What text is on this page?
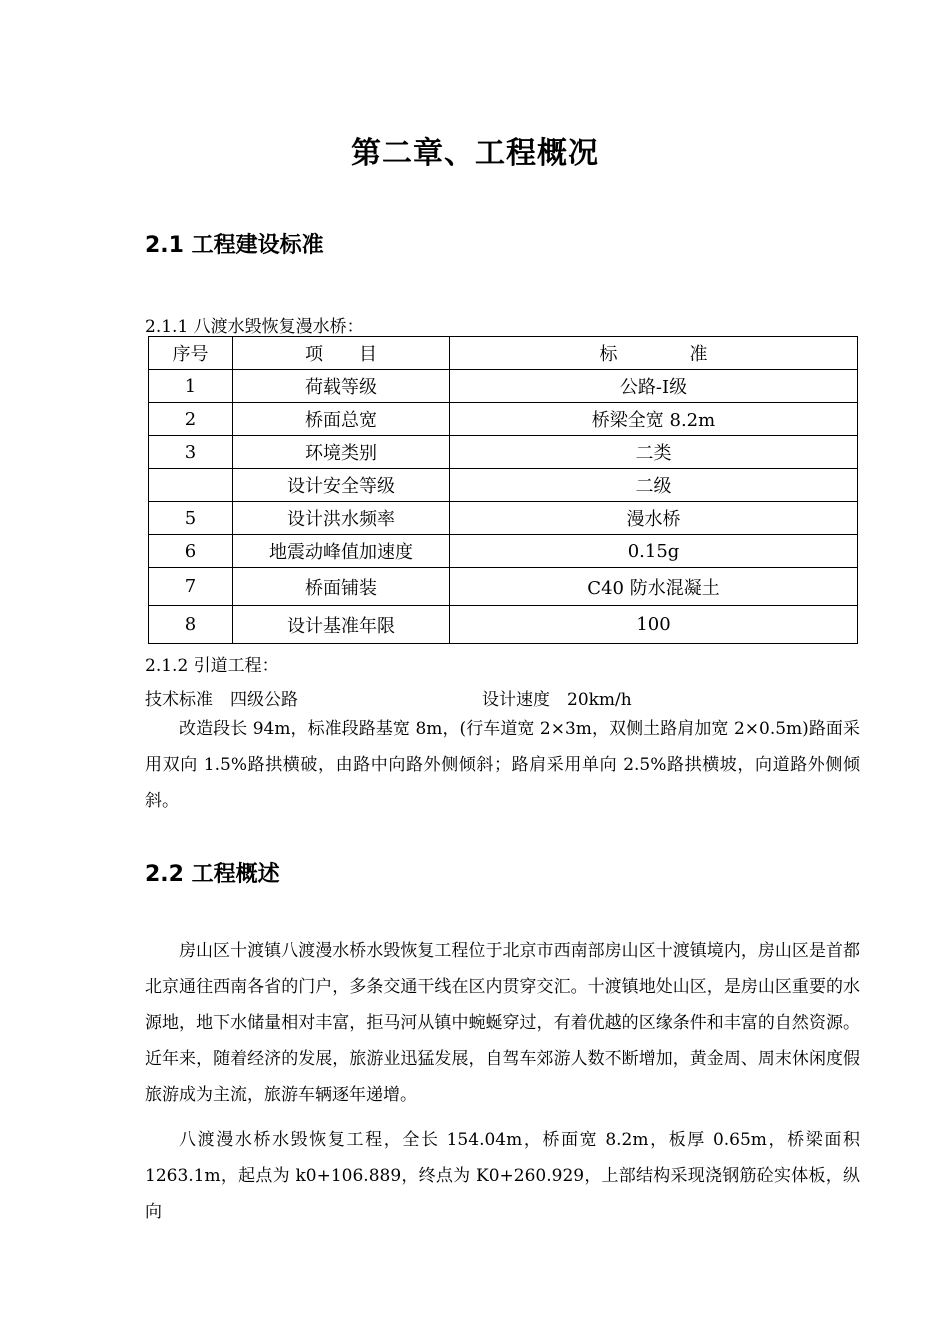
第二章、工程概况
2.1 工程建设标准
2.1.1 八渡水毁恢复漫水桥：
序号	项　　目	标　　　　准
1	荷载等级	公路-Ⅰ级
2	桥面总宽	桥梁全宽 8.2m
3	环境类别	二类
	设计安全等级	二级
5	设计洪水频率	漫水桥
6	地震动峰值加速度	0.15g
7	桥面铺装	C40 防水混凝土
8	设计基准年限	100
2.1.2 引道工程：
技术标准　四级公路	设计速度　20km/h
改造段长 94m，标准段路基宽 8m，(行车道宽 2×3m，双侧土路肩加宽 2×0.5m)路面采用双向 1.5%路拱横破，由路中向路外侧倾斜；路肩采用单向 2.5%路拱横坡，向道路外侧倾斜。
2.2 工程概述
房山区十渡镇八渡漫水桥水毁恢复工程位于北京市西南部房山区十渡镇境内，房山区是首都北京通往西南各省的门户，多条交通干线在区内贯穿交汇。十渡镇地处山区，是房山区重要的水源地，地下水储量相对丰富，拒马河从镇中蜿蜒穿过，有着优越的区缘条件和丰富的自然资源。近年来，随着经济的发展，旅游业迅猛发展，自驾车郊游人数不断增加，黄金周、周末休闲度假旅游成为主流，旅游车辆逐年递增。
八渡漫水桥水毁恢复工程，全长 154.04m，桥面宽 8.2m，板厚 0.65m，桥梁面积 1263.1m，起点为 k0+106.889，终点为 K0+260.929，上部结构采现浇钢筋砼实体板，纵向
